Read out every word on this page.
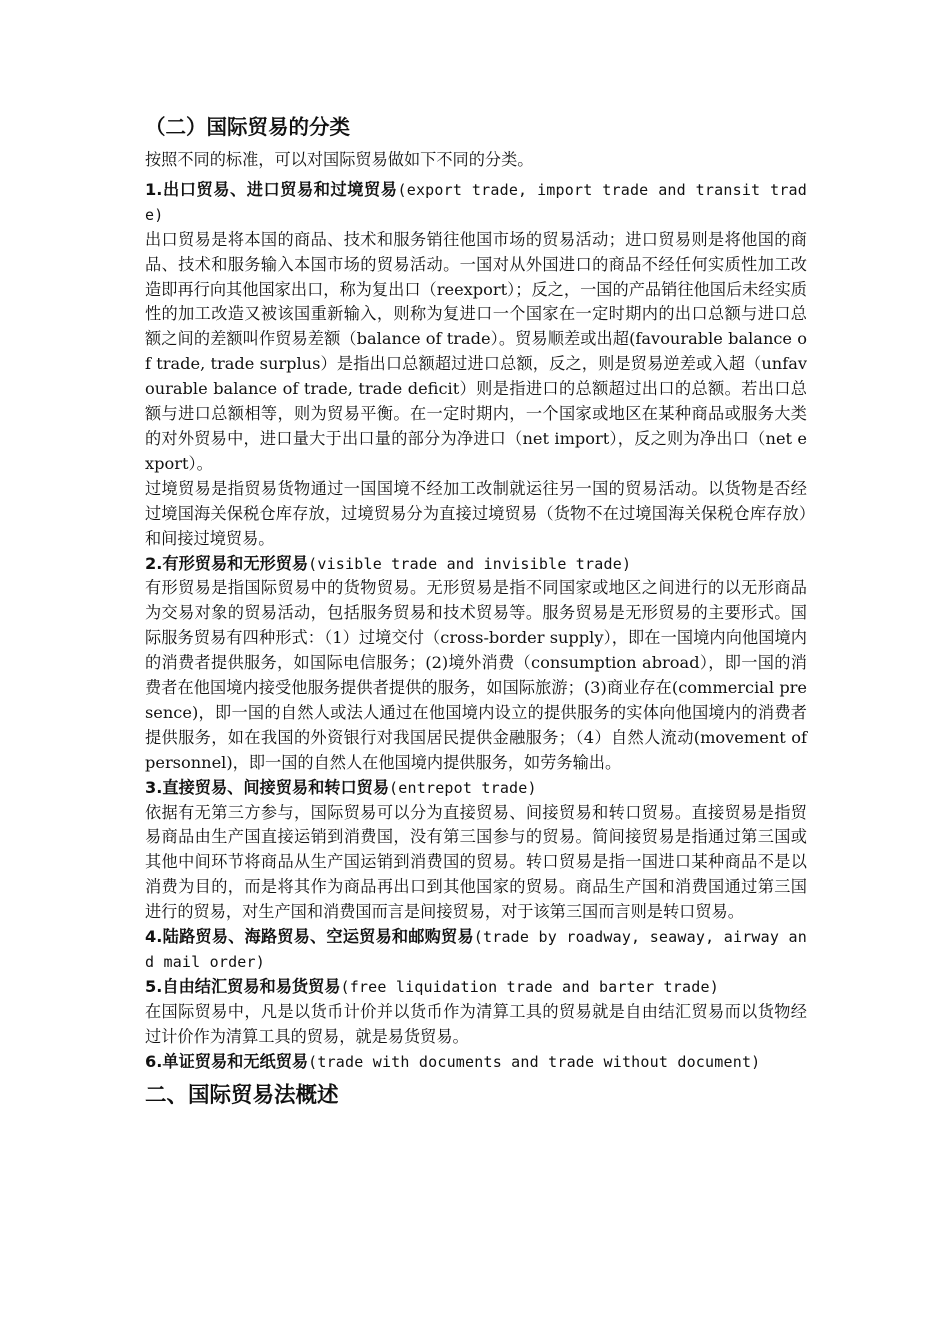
（二）国际贸易的分类

按照不同的标准，可以对国际贸易做如下不同的分类。

1.出口贸易、进口贸易和过境贸易(export trade, import trade and transit trade)

出口贸易是将本国的商品、技术和服务销往他国市场的贸易活动；进口贸易则是将他国的商品、技术和服务输入本国市场的贸易活动。一国对从外国进口的商品不经任何实质性加工改造即再行向其他国家出口，称为复出口（reexport）；反之，一国的产品销往他国后未经实质性的加工改造又被该国重新输入，则称为复进口一个国家在一定时期内的出口总额与进口总额之间的差额叫作贸易差额（balance of trade）。贸易顺差或出超(favourable balance of trade, trade surplus）是指出口总额超过进口总额，反之，则是贸易逆差或入超（unfavourable balance of trade, trade deficit）则是指进口的总额超过出口的总额。若出口总额与进口总额相等，则为贸易平衡。在一定时期内，一个国家或地区在某种商品或服务大类的对外贸易中，进口量大于出口量的部分为净进口（net import），反之则为净出口（net export）。

过境贸易是指贸易货物通过一国国境不经加工改制就运往另一国的贸易活动。以货物是否经过境国海关保税仓库存放，过境贸易分为直接过境贸易（货物不在过境国海关保税仓库存放）和间接过境贸易。

2.有形贸易和无形贸易(visible trade and invisible trade)

有形贸易是指国际贸易中的货物贸易。无形贸易是指不同国家或地区之间进行的以无形商品为交易对象的贸易活动，包括服务贸易和技术贸易等。服务贸易是无形贸易的主要形式。国际服务贸易有四种形式：（1）过境交付（cross-border supply），即在一国境内向他国境内的消费者提供服务，如国际电信服务；(2)境外消费（consumption abroad），即一国的消费者在他国境内接受他服务提供者提供的服务，如国际旅游；(3)商业存在(commercial presence)，即一国的自然人或法人通过在他国境内设立的提供服务的实体向他国境内的消费者提供服务，如在我国的外资银行对我国居民提供金融服务；（4）自然人流动(movement of personnel)，即一国的自然人在他国境内提供服务，如劳务输出。

3.直接贸易、间接贸易和转口贸易(entrepot trade)

依据有无第三方参与，国际贸易可以分为直接贸易、间接贸易和转口贸易。直接贸易是指贸易商品由生产国直接运销到消费国，没有第三国参与的贸易。简间接贸易是指通过第三国或其他中间环节将商品从生产国运销到消费国的贸易。转口贸易是指一国进口某种商品不是以消费为目的，而是将其作为商品再出口到其他国家的贸易。商品生产国和消费国通过第三国进行的贸易，对生产国和消费国而言是间接贸易，对于该第三国而言则是转口贸易。

4.陆路贸易、海路贸易、空运贸易和邮购贸易(trade by roadway, seaway, airway and mail order)

5.自由结汇贸易和易货贸易(free liquidation trade and barter trade)

在国际贸易中，凡是以货币计价并以货币作为清算工具的贸易就是自由结汇贸易而以货物经过计价作为清算工具的贸易，就是易货贸易。

6.单证贸易和无纸贸易(trade with documents and trade without document)

二、国际贸易法概述
